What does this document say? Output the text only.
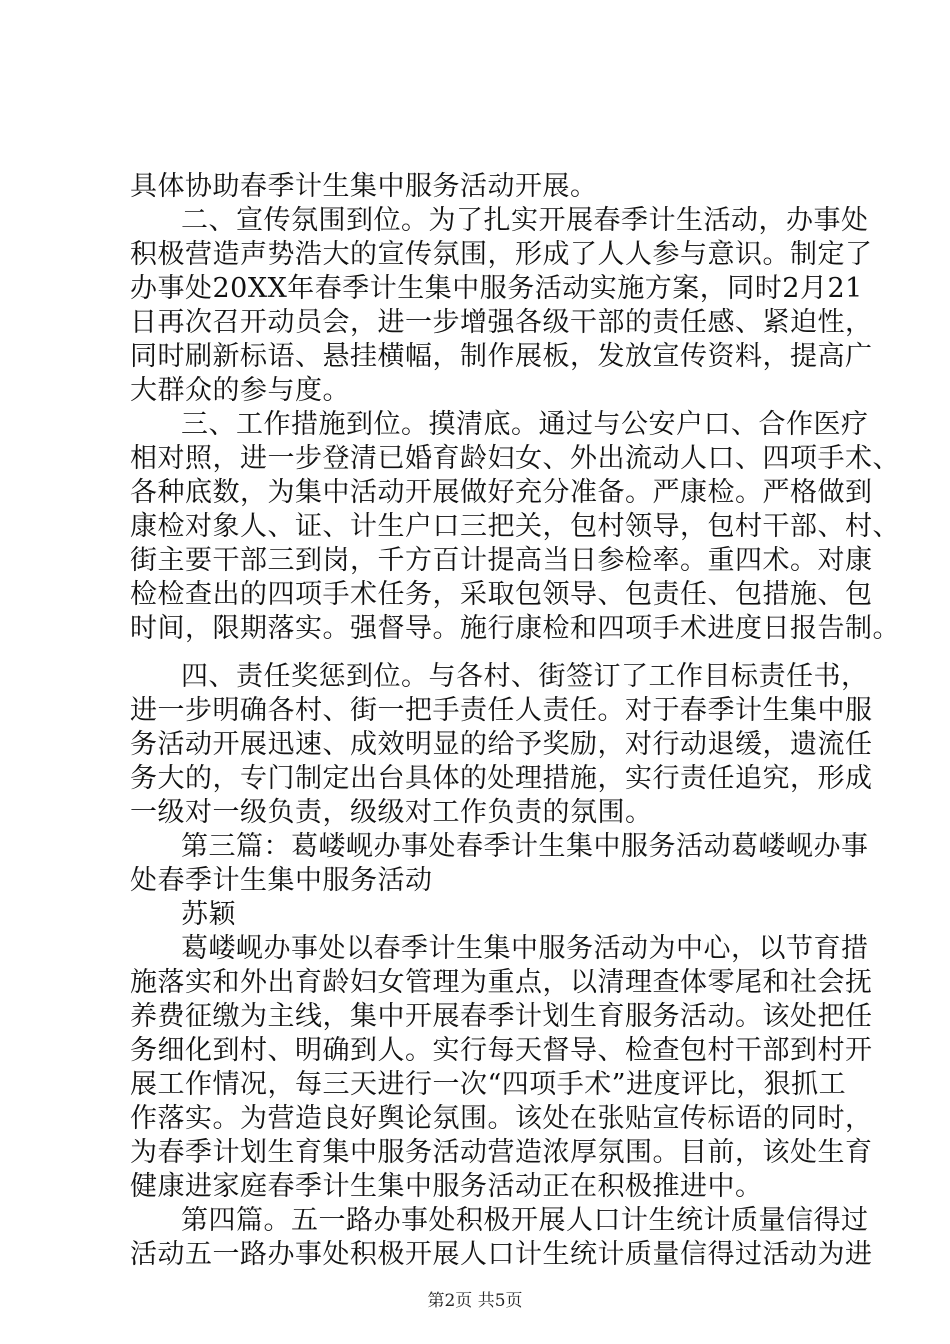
具体协助春季计生集中服务活动开展。
二、宣传氛围到位。为了扎实开展春季计生活动，办事处
积极营造声势浩大的宣传氛围，形成了人人参与意识。制定了
办事处20XX年春季计生集中服务活动实施方案，同时2月21
日再次召开动员会，进一步增强各级干部的责任感、紧迫性，
同时刷新标语、悬挂横幅，制作展板，发放宣传资料，提高广
大群众的参与度。
三、工作措施到位。摸清底。通过与公安户口、合作医疗
相对照，进一步登清已婚育龄妇女、外出流动人口、四项手术、
各种底数，为集中活动开展做好充分准备。严康检。严格做到
康检对象人、证、计生户口三把关，包村领导，包村干部、村、
街主要干部三到岗，千方百计提高当日参检率。重四术。对康
检检查出的四项手术任务，采取包领导、包责任、包措施、包
时间，限期落实。强督导。施行康检和四项手术进度日报告制。
四、责任奖惩到位。与各村、街签订了工作目标责任书，
进一步明确各村、街一把手责任人责任。对于春季计生集中服
务活动开展迅速、成效明显的给予奖励，对行动退缓，遗流任
务大的，专门制定出台具体的处理措施，实行责任追究，形成
一级对一级负责，级级对工作负责的氛围。
第三篇：葛嵝岘办事处春季计生集中服务活动葛嵝岘办事
处春季计生集中服务活动
苏颖
葛嵝岘办事处以春季计生集中服务活动为中心，以节育措
施落实和外出育龄妇女管理为重点，以清理查体零尾和社会抚
养费征缴为主线，集中开展春季计划生育服务活动。该处把任
务细化到村、明确到人。实行每天督导、检查包村干部到村开
展工作情况，每三天进行一次“四项手术”进度评比，狠抓工
作落实。为营造良好舆论氛围。该处在张贴宣传标语的同时，
为春季计划生育集中服务活动营造浓厚氛围。目前，该处生育
健康进家庭春季计生集中服务活动正在积极推进中。
第四篇。五一路办事处积极开展人口计生统计质量信得过
活动五一路办事处积极开展人口计生统计质量信得过活动为进
第2页 共5页
